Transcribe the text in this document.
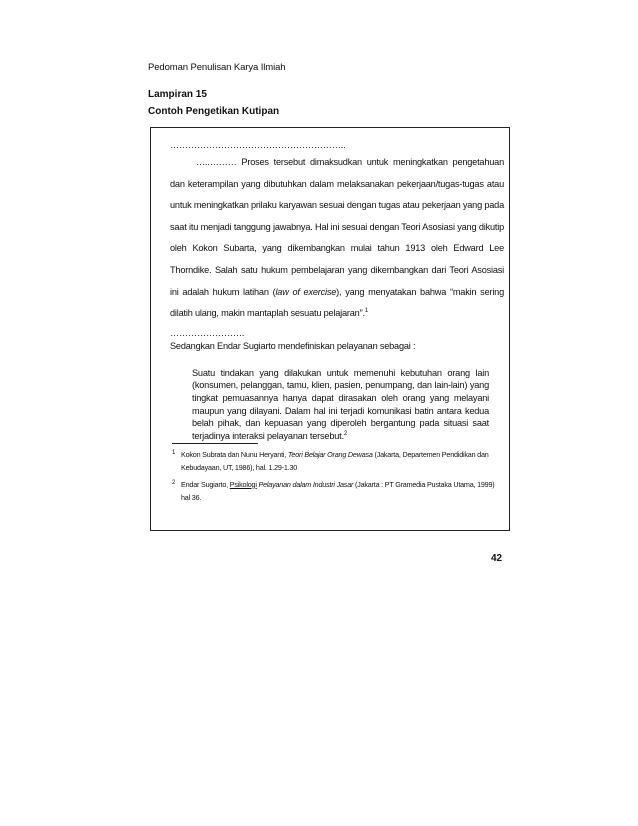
Pedoman Penulisan Karya Ilmiah
Lampiran 15
Contoh Pengetikan Kutipan
…………………………………………………..

…..……… Proses tersebut dimaksudkan untuk meningkatkan pengetahuan dan keterampilan yang dibutuhkan dalam melaksanakan pekerjaan/tugas-tugas atau untuk meningkatkan prilaku karyawan sesuai dengan tugas atau pekerjaan yang pada saat itu menjadi tanggung jawabnya. Hal ini sesuai dengan Teori Asosiasi yang dikutip oleh Kokon Subarta, yang dikembangkan mulai tahun 1913 oleh Edward Lee Thorndike. Salah satu hukum pembelajaran yang dikembangkan dari Teori Asosiasi ini adalah hukum latihan (law of exercise), yang menyatakan bahwa “makin sering dilatih ulang, makin mantaplah sesuatu pelajaran”.$^1$

…………………….
Sedangkan Endar Sugiarto mendefiniskan pelayanan sebagai :
Suatu tindakan yang dilakukan untuk memenuhi kebutuhan orang lain (konsumen, pelanggan, tamu, klien, pasien, penumpang, dan lain-lain) yang tingkat pemuasannya hanya dapat dirasakan oleh orang yang melayani maupun yang dilayani. Dalam hal ini terjadi komunikasi batin antara kedua belah pihak, dan kepuasan yang diperoleh bergantung pada situasi saat terjadinya interaksi pelayanan tersebut.$^2$
1 Kokon Subrata dan Nunu Heryanti, Teori Belajar Orang Dewasa (Jakarta, Departemen Pendidikan dan Kebudayaan, UT, 1986), hal. 1.29-1.30
2 Endar Sugiarto, Psikologi Pelayanan dalam Industri Jasar (Jakarta : PT Gramedia Pustaka Utama, 1999) hal 36.
42
